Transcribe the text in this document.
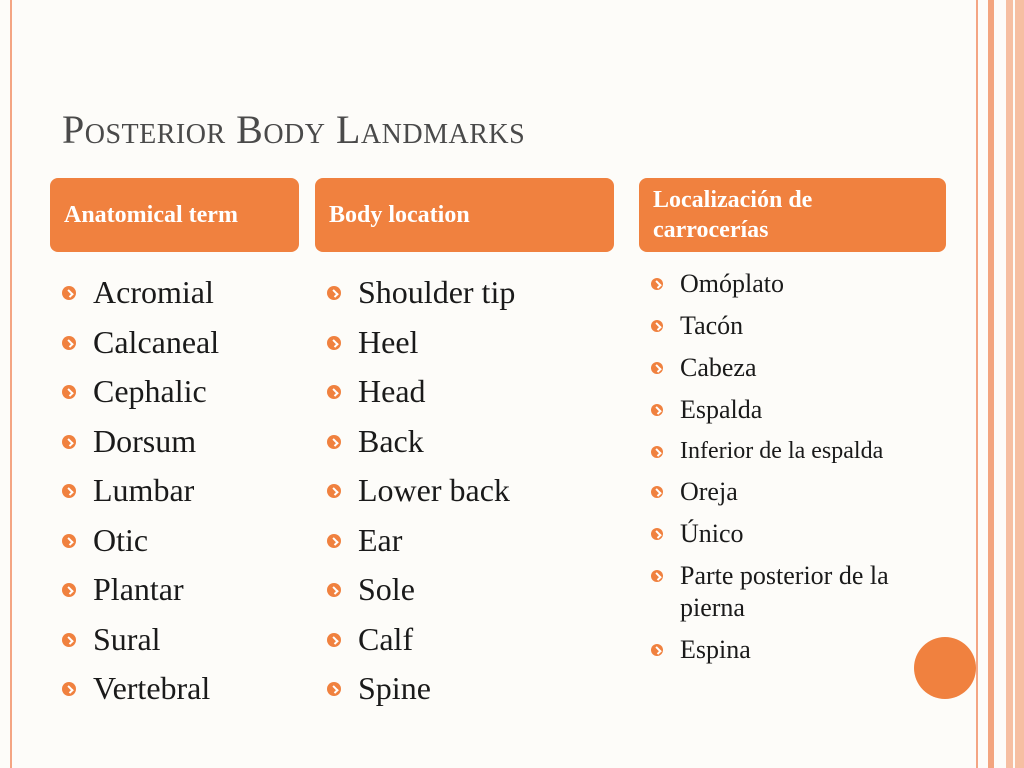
Posterior Body Landmarks
Anatomical term	Body location
Localización de carrocerías
Acromial
Calcaneal
Cephalic
Dorsum
Lumbar
Otic
Plantar
Sural
Vertebral
Shoulder tip
Heel
Head
Back
Lower back
Ear
Sole
Calf
Spine
Omóplato
Tacón
Cabeza
Espalda
Inferior de la espalda
Oreja
Único
Parte posterior de la pierna
Espina
